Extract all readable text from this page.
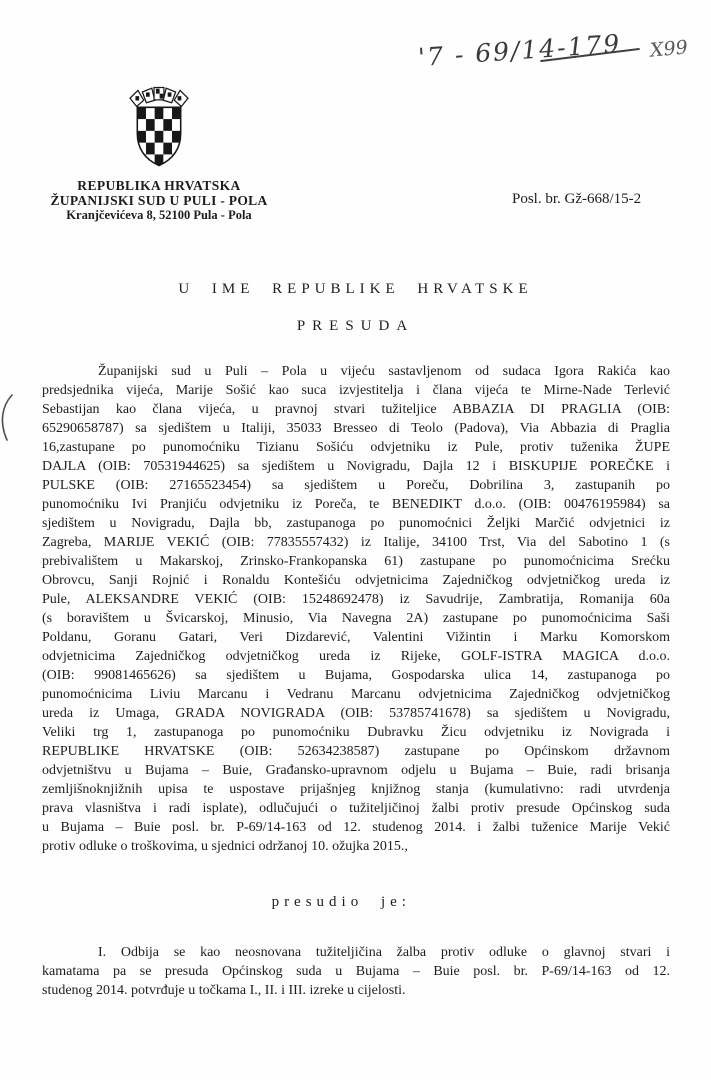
'7 - 69/14-179 X99
REPUBLIKA HRVATSKA
ŽUPANIJSKI SUD U PULI - POLA
Kranjčevićeva 8, 52100 Pula - Pola
Posl. br. Gž-668/15-2
U IME REPUBLIKE HRVATSKE
PRESUDA
Županijski sud u Puli – Pola u vijeću sastavljenom od sudaca Igora Rakića kao
predsjednika vijeća, Marije Sošić kao suca izvjestitelja i člana vijeća te Mirne-Nade Terlević
Sebastijan kao člana vijeća, u pravnoj stvari tužiteljice ABBAZIA DI PRAGLIA (OIB:
65290658787) sa sjedištem u Italiji, 35033 Bresseo di Teolo (Padova), Via Abbazia di Praglia
16,zastupane po punomoćniku Tizianu Sošiću odvjetniku iz Pule, protiv tuženika ŽUPE
DAJLA (OIB: 70531944625) sa sjedištem u Novigradu, Dajla 12 i BISKUPIJE POREČKE i
PULSKE (OIB: 27165523454) sa sjedištem u Poreču, Dobrilina 3, zastupanih po
punomoćniku Ivi Pranjiću odvjetniku iz Poreča, te BENEDIKT d.o.o. (OIB: 00476195984) sa
sjedištem u Novigradu, Dajla bb, zastupanoga po punomoćnici Željki Marčić odvjetnici iz
Zagreba, MARIJE VEKIĆ (OIB: 77835557432) iz Italije, 34100 Trst, Via del Sabotino 1 (s
prebivalištem u Makarskoj, Zrinsko-Frankopanska 61) zastupane po punomoćnicima Srećku
Obrovcu, Sanji Rojnić i Ronaldu Kontešiću odvjetnicima Zajedničkog odvjetničkog ureda iz
Pule, ALEKSANDRE VEKIĆ (OIB: 15248692478) iz Savudrije, Zambratija, Romanija 60a
(s boravištem u Švicarskoj, Minusio, Via Navegna 2A) zastupane po punomoćnicima Saši
Poldanu, Goranu Gatari, Veri Dizdarević, Valentini Vižintin i Marku Komorskom
odvjetnicima Zajedničkog odvjetničkog ureda iz Rijeke, GOLF-ISTRA MAGICA d.o.o.
(OIB: 99081465626) sa sjedištem u Bujama, Gospodarska ulica 14, zastupanoga po
punomoćnicima Liviu Marcanu i Vedranu Marcanu odvjetnicima Zajedničkog odvjetničkog
ureda iz Umaga, GRADA NOVIGRADA (OIB: 53785741678) sa sjedištem u Novigradu,
Veliki trg 1, zastupanoga po punomoćniku Dubravku Žicu odvjetniku iz Novigrada i
REPUBLIKE HRVATSKE (OIB: 52634238587) zastupane po Općinskom državnom
odvjetništvu u Bujama – Buie, Građansko-upravnom odjelu u Bujama – Buie, radi brisanja
zemljišnoknjižnih upisa te uspostave prijašnjeg knjižnog stanja (kumulativno: radi utvrdenja
prava vlasništva i radi isplate), odlučujući o tužiteljičinoj žalbi protiv presude Općinskog suda
u Bujama – Buie posl. br. P-69/14-163 od 12. studenog 2014. i žalbi tuženice Marije Vekić
protiv odluke o troškovima, u sjednici održanoj 10. ožujka 2015.,
presudio je:
I. Odbija se kao neosnovana tužiteljičina žalba protiv odluke o glavnoj stvari i
kamatama pa se presuda Općinskog suda u Bujama – Buie posl. br. P-69/14-163 od 12.
studenog 2014. potvrđuje u točkama I., II. i III. izreke u cijelosti.
